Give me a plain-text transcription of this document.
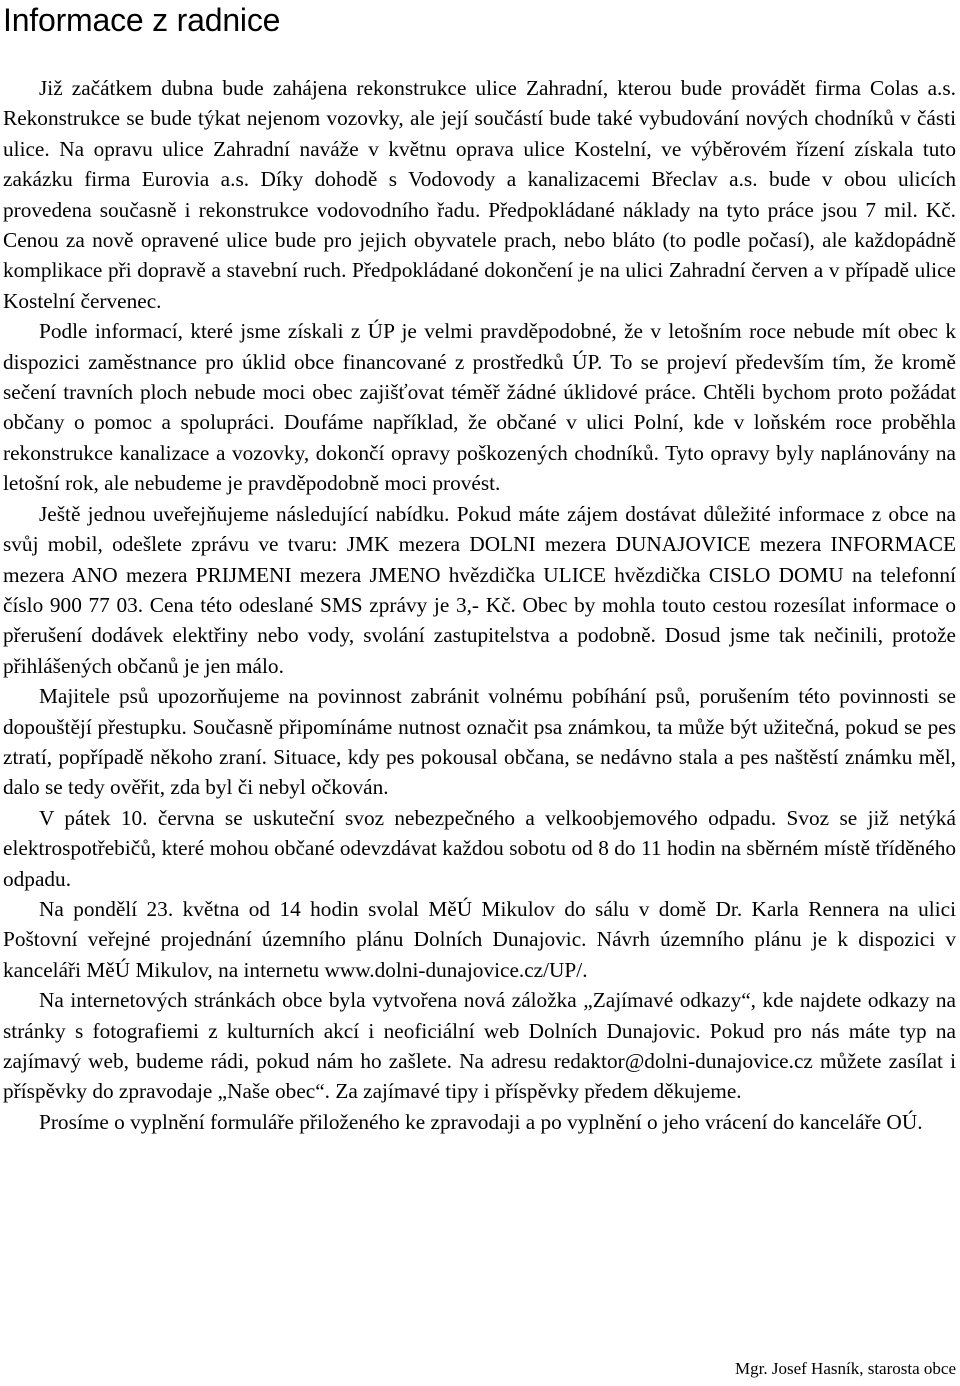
Informace z radnice

Již začátkem dubna bude zahájena rekonstrukce ulice Zahradní, kterou bude provádět firma Colas a.s. Rekonstrukce se bude týkat nejenom vozovky, ale její součástí bude také vybudování nových chodníků v části ulice. Na opravu ulice Zahradní naváže v květnu oprava ulice Kostelní, ve výběrovém řízení získala tuto zakázku firma Eurovia a.s. Díky dohodě s Vodovody a kanalizacemi Břeclav a.s. bude v obou ulicích provedena současně i rekonstrukce vodovodního řadu. Předpokládané náklady na tyto práce jsou 7 mil. Kč. Cenou za nově opravené ulice bude pro jejich obyvatele prach, nebo bláto (to podle počasí), ale každopádně komplikace při dopravě a stavební ruch. Předpokládané dokončení je na ulici Zahradní červen a v případě ulice Kostelní červenec.

Podle informací, které jsme získali z ÚP je velmi pravděpodobné, že v letošním roce nebude mít obec k dispozici zaměstnance pro úklid obce financované z prostředků ÚP. To se projeví především tím, že kromě sečení travních ploch nebude moci obec zajišťovat téměř žádné úklidové práce. Chtěli bychom proto požádat občany o pomoc a spolupráci. Doufáme například, že občané v ulici Polní, kde v loňském roce proběhla rekonstrukce kanalizace a vozovky, dokončí opravy poškozených chodníků. Tyto opravy byly naplánovány na letošní rok, ale nebudeme je pravděpodobně moci provést.

Ještě jednou uveřejňujeme následující nabídku. Pokud máte zájem dostávat důležité informace z obce na svůj mobil, odešlete zprávu ve tvaru: JMK mezera DOLNI mezera DUNAJOVICE mezera INFORMACE mezera ANO mezera PRIJMENI mezera JMENO hvězdička ULICE hvězdička CISLO DOMU na telefonní číslo 900 77 03. Cena této odeslané SMS zprávy je 3,- Kč. Obec by mohla touto cestou rozesílat informace o přerušení dodávek elektřiny nebo vody, svolání zastupitelstva a podobně. Dosud jsme tak nečinili, protože přihlášených občanů je jen málo.

Majitele psů upozorňujeme na povinnost zabránit volnému pobíhání psů, porušením této povinnosti se dopouštějí přestupku. Současně připomínáme nutnost označit psa známkou, ta může být užitečná, pokud se pes ztratí, popřípadě někoho zraní. Situace, kdy pes pokousal občana, se nedávno stala a pes naštěstí známku měl, dalo se tedy ověřit, zda byl či nebyl očkován.

V pátek 10. června se uskuteční svoz nebezpečného a velkoobjemového odpadu. Svoz se již netýká elektrospotřebičů, které mohou občané odevzdávat každou sobotu od 8 do 11 hodin na sběrném místě tříděného odpadu.

Na pondělí 23. května od 14 hodin svolal MěÚ Mikulov do sálu v domě Dr. Karla Rennera na ulici Poštovní veřejné projednání územního plánu Dolních Dunajovic. Návrh územního plánu je k dispozici v kanceláři MěÚ Mikulov, na internetu www.dolni-dunajovice.cz/UP/.

Na internetových stránkách obce byla vytvořena nová záložka „Zajímavé odkazy“, kde najdete odkazy na stránky s fotografiemi z kulturních akcí i neoficiální web Dolních Dunajovic. Pokud pro nás máte typ na zajímavý web, budeme rádi, pokud nám ho zašlete. Na adresu redaktor@dolni-dunajovice.cz můžete zasílat i příspěvky do zpravodaje „Naše obec“. Za zajímavé tipy i příspěvky předem děkujeme.

Prosíme o vyplnění formuláře přiloženého ke zpravodaji a po vyplnění o jeho vrácení do kanceláře OÚ.

Mgr. Josef Hasník, starosta obce
